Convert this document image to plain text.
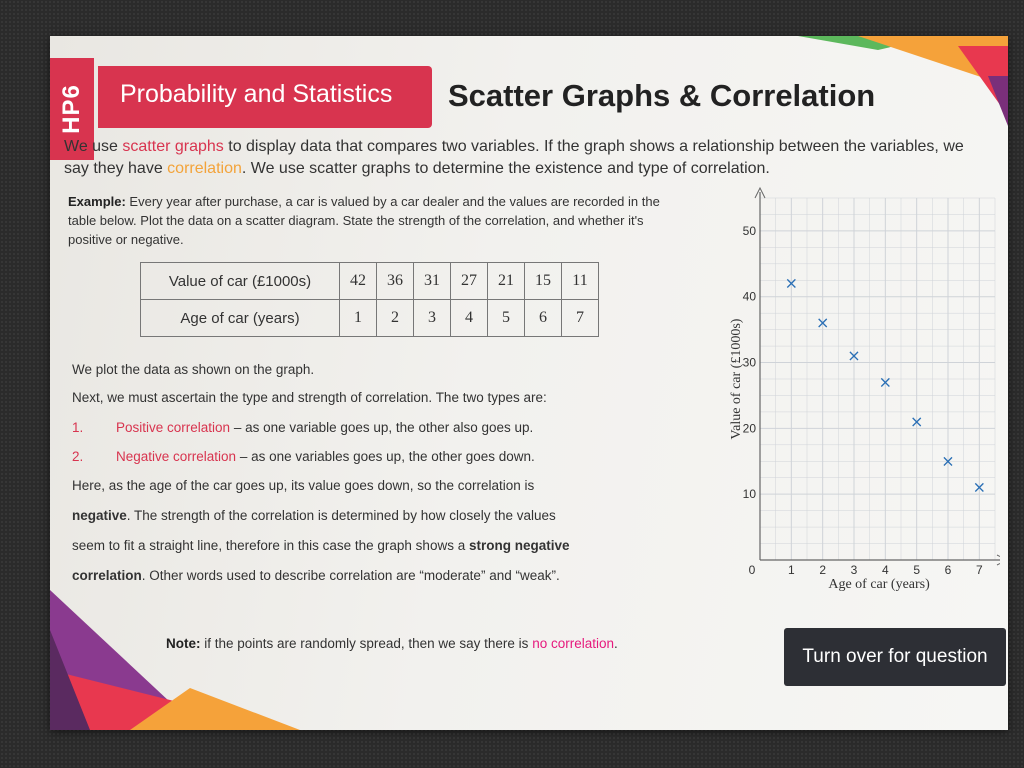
HP6 Probability and Statistics Scatter Graphs & Correlation
We use scatter graphs to display data that compares two variables. If the graph shows a relationship between the variables, we say they have correlation. We use scatter graphs to determine the existence and type of correlation.
Example: Every year after purchase, a car is valued by a car dealer and the values are recorded in the table below. Plot the data on a scatter diagram. State the strength of the correlation, and whether it's positive or negative.
Value of car (£1000s)	42	36	31	27	21	15	11
Age of car (years)	1	2	3	4	5	6	7
We plot the data as shown on the graph.
Next, we must ascertain the type and strength of correlation. The two types are:
1. Positive correlation – as one variable goes up, the other also goes up.
2. Negative correlation – as one variables goes up, the other goes down.
Here, as the age of the car goes up, its value goes down, so the correlation is
negative. The strength of the correlation is determined by how closely the values
seem to fit a straight line, therefore in this case the graph shows a strong negative
correlation. Other words used to describe correlation are “moderate” and “weak”.
Note: if the points are randomly spread, then we say there is no correlation.
Turn over for question
0	1 2 3 4 5 6 7
10
20
30
40
50
Age of car (years)
Value of car (£1000s)
×
×
×
×
×
×
×
